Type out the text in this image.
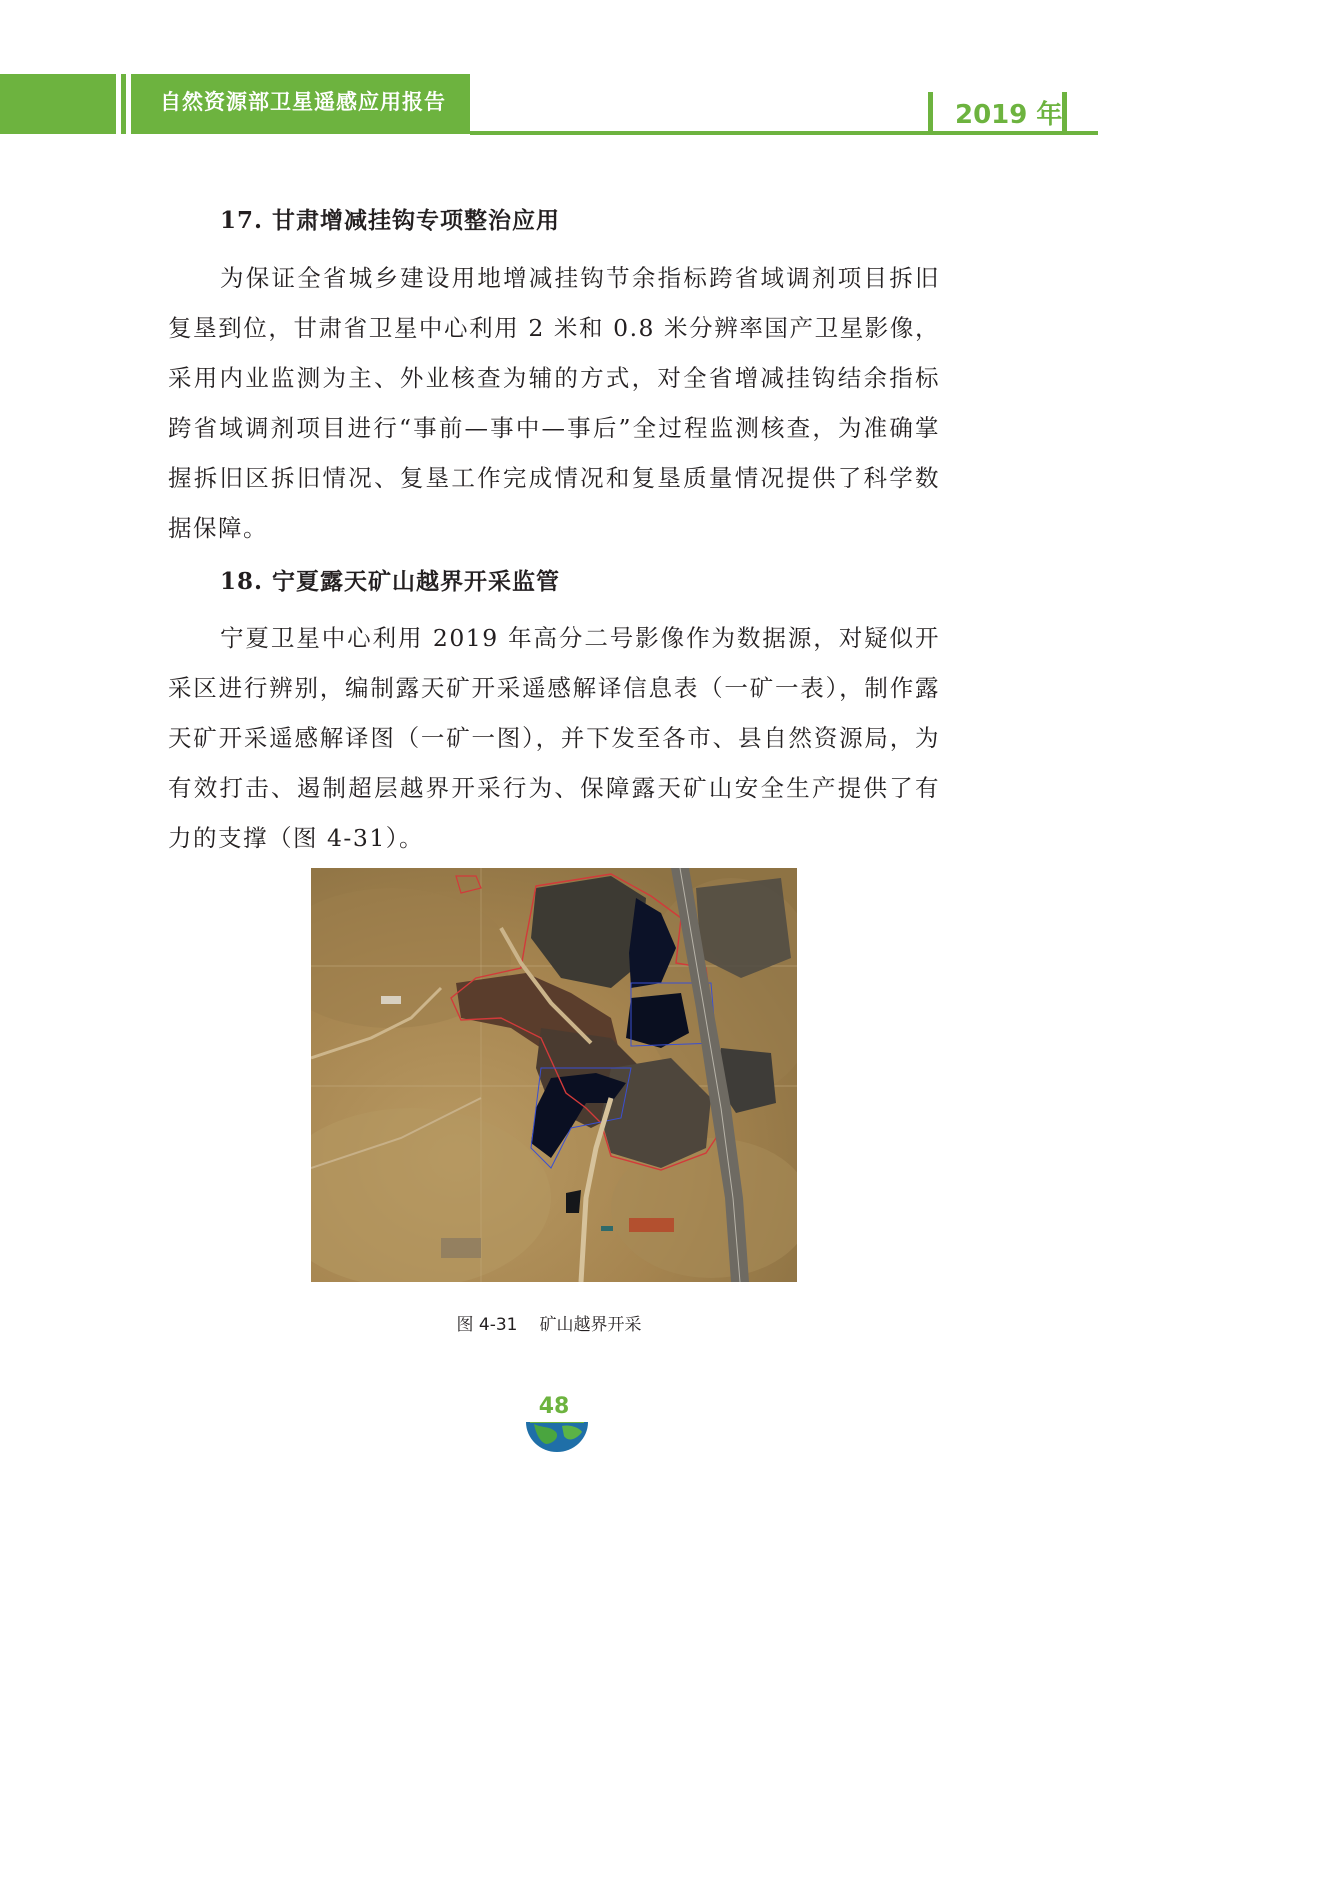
自然资源部卫星遥感应用报告	2019 年
17. 甘肃增减挂钩专项整治应用

为保证全省城乡建设用地增减挂钩节余指标跨省域调剂项目拆旧复垦到位，甘肃省卫星中心利用 2 米和 0.8 米分辨率国产卫星影像，采用内业监测为主、外业核查为辅的方式，对全省增减挂钩结余指标跨省域调剂项目进行“事前—事中—事后”全过程监测核查，为准确掌握拆旧区拆旧情况、复垦工作完成情况和复垦质量情况提供了科学数据保障。

18. 宁夏露天矿山越界开采监管

宁夏卫星中心利用 2019 年高分二号影像作为数据源，对疑似开采区进行辨别，编制露天矿开采遥感解译信息表（一矿一表），制作露天矿开采遥感解译图（一矿一图），并下发至各市、县自然资源局，为有效打击、遏制超层越界开采行为、保障露天矿山安全生产提供了有力的支撑（图 4-31）。

图 4-31 矿山越界开采
48
